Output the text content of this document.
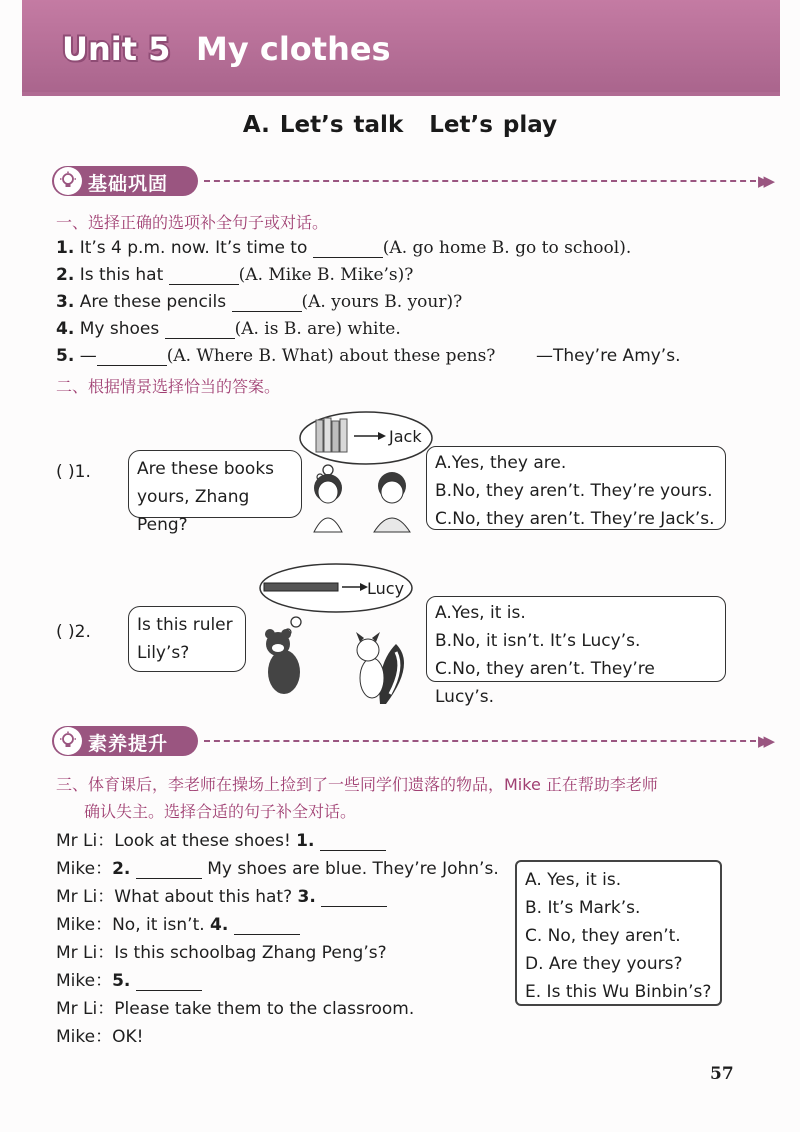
Unit 5 My clothes
A. Let’s talk Let’s play
基础巩固	▶▶
一、选择正确的选项补全句子或对话。
1. It’s 4 p.m. now. It’s time to	(A. go home B. go to school).
2. Is this hat	(A. Mike B. Mike’s)?
3. Are these pencils	(A. yours B. your)?
4. My shoes	(A. is B. are) white.
5. —	(A. Where B. What) about these pens? —They’re Amy’s.
二、根据情景选择恰当的答案。
( )1.
Jack
Are these books
yours, Zhang Peng?
A.Yes, they are.
B.No, they aren’t. They’re yours.
C.No, they aren’t. They’re Jack’s.
( )2.
Lucy
Is this ruler
Lily’s?
A.Yes, it is.
B.No, it isn’t. It’s Lucy’s.
C.No, they aren’t. They’re Lucy’s.
素养提升	▶▶
三、体育课后，李老师在操场上捡到了一些同学们遗落的物品，Mike 正在帮助李老师
确认失主。选择合适的句子补全对话。
Mr Li：Look at these shoes! 1.
Mike：2.	My shoes are blue. They’re John’s.
Mr Li：What about this hat? 3.
Mike：No, it isn’t. 4.
Mr Li：Is this schoolbag Zhang Peng’s?
Mike：5.
Mr Li：Please take them to the classroom.
Mike：OK!
A. Yes, it is.
B. It’s Mark’s.
C. No, they aren’t.
D. Are they yours?
E. Is this Wu Binbin’s?
57
